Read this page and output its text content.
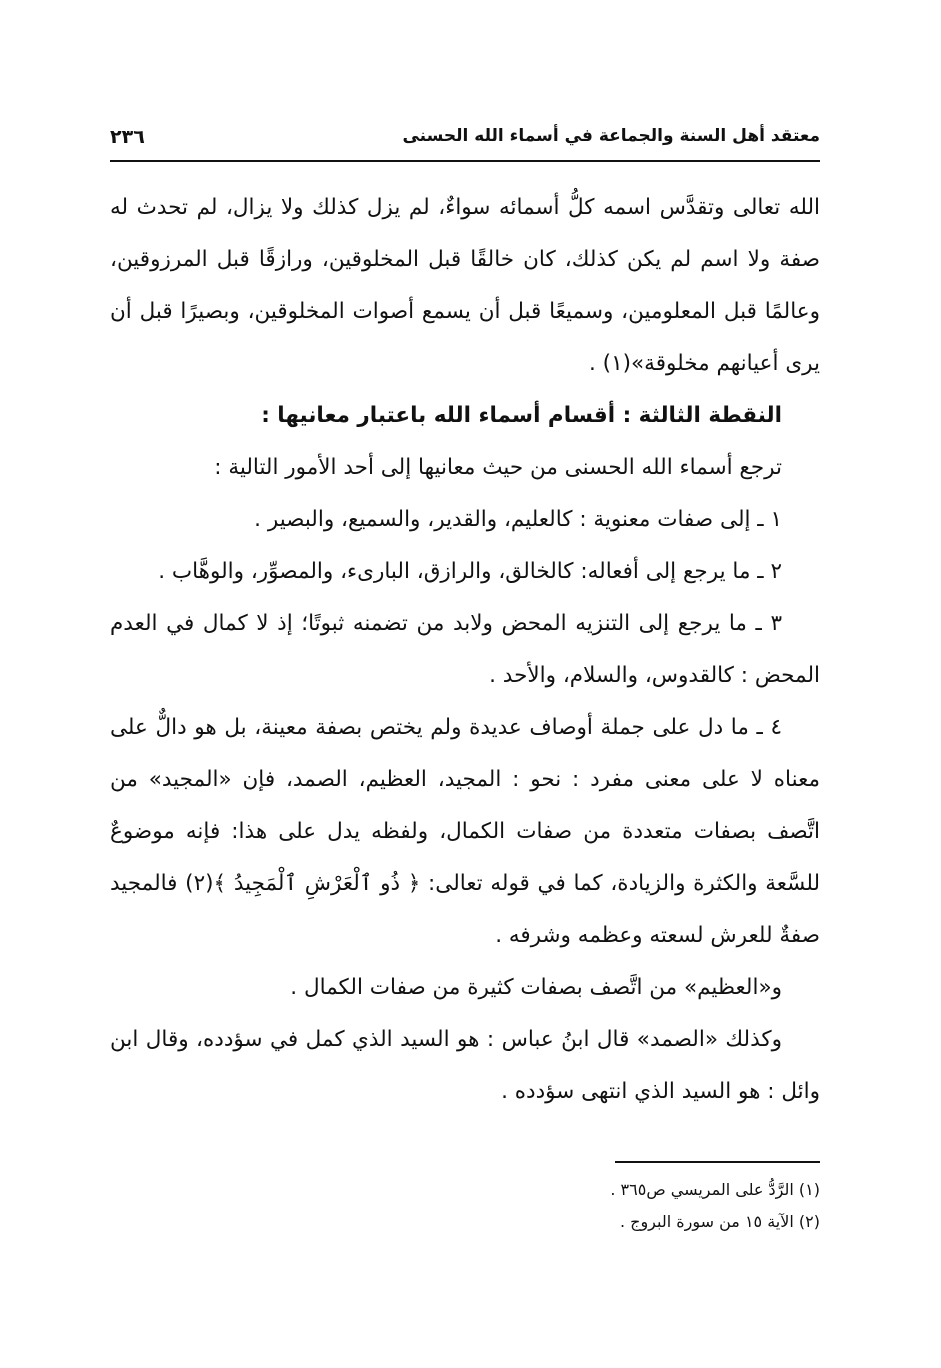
معتقد أهل السنة والجماعة في أسماء الله الحسنى
٢٣٦

الله تعالى وتقدَّس اسمه كلُّ أسمائه سواءٌ، لم يزل كذلك ولا يزال، لم تحدث له صفة ولا اسم لم يكن كذلك، كان خالقًا قبل المخلوقين، ورازقًا قبل المرزوقين، وعالمًا قبل المعلومين، وسميعًا قبل أن يسمع أصوات المخلوقين، وبصيرًا قبل أن يرى أعيانهم مخلوقة»(١) .

النقطة الثالثة : أقسام أسماء الله باعتبار معانيها :

ترجع أسماء الله الحسنى من حيث معانيها إلى أحد الأمور التالية :

١ ـ إلى صفات معنوية : كالعليم، والقدير، والسميع، والبصير .

٢ ـ ما يرجع إلى أفعاله: كالخالق، والرازق، البارىء، والمصوِّر، والوهَّاب .

٣ ـ ما يرجع إلى التنزيه المحض ولابد من تضمنه ثبوتًا؛ إذ لا كمال في العدم المحض : كالقدوس، والسلام، والأحد .

٤ ـ ما دل على جملة أوصاف عديدة ولم يختص بصفة معينة، بل هو دالٌّ على معناه لا على معنى مفرد : نحو : المجيد، العظيم، الصمد، فإن «المجيد» من اتَّصف بصفات متعددة من صفات الكمال، ولفظه يدل على هذا: فإنه موضوعٌ للسَّعة والكثرة والزيادة، كما في قوله تعالى: ﴿ ذُو ٱلْعَرْشِ ٱلْمَجِيدُ ﴾(٢) فالمجيد صفةٌ للعرش لسعته وعظمه وشرفه .

و«العظيم» من اتَّصف بصفات كثيرة من صفات الكمال .

وكذلك «الصمد» قال ابنُ عباس : هو السيد الذي كمل في سؤدده، وقال ابن وائل : هو السيد الذي انتهى سؤدده .

(١) الرَّدُّ على المريسي ص٣٦٥ .
(٢) الآية ١٥ من سورة البروج .
